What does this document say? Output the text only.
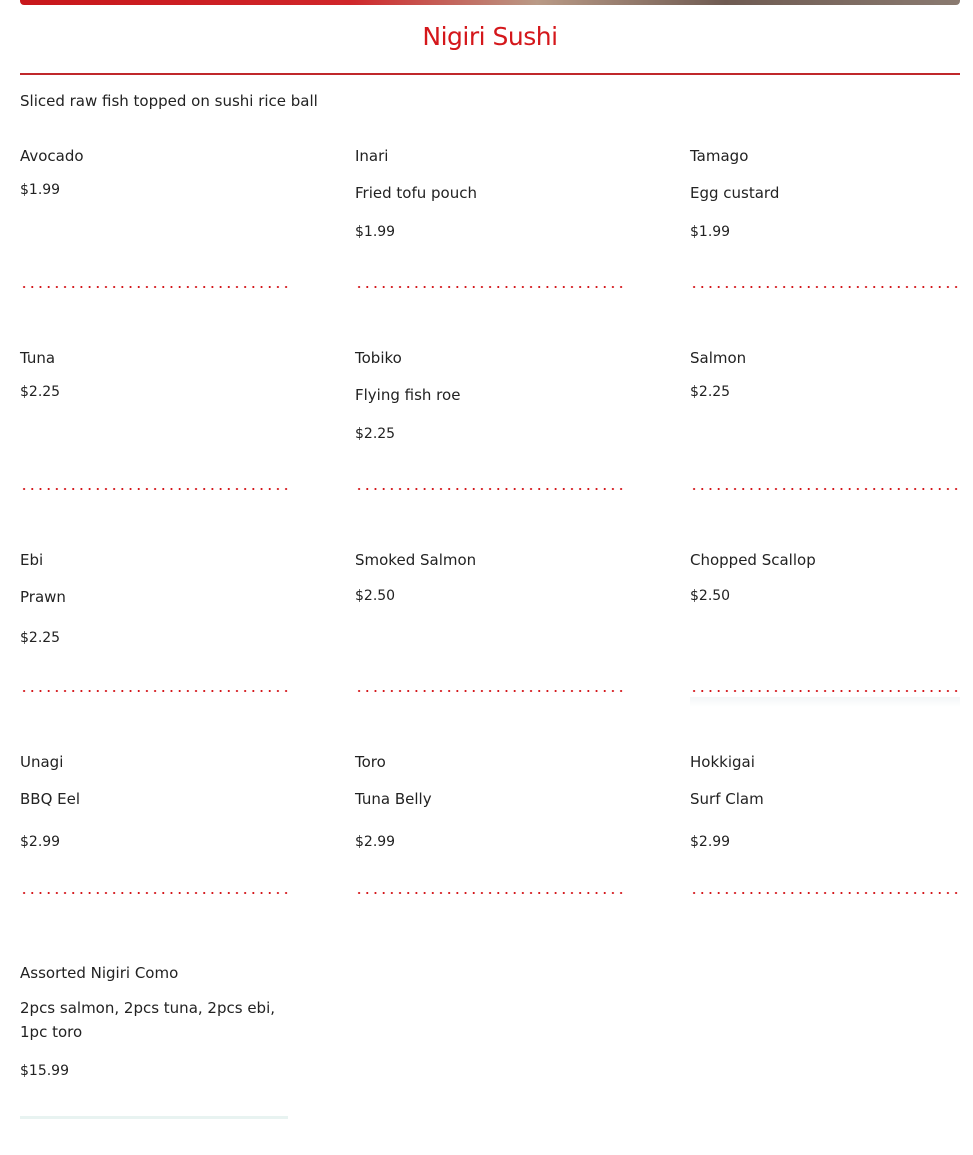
Nigiri Sushi

Sliced raw fish topped on sushi rice ball

Avocado
$1.99
Inari
Fried tofu pouch
$1.99
Tamago
Egg custard
$1.99
Tuna
$2.25
Tobiko
Flying fish roe
$2.25
Salmon
$2.25
Ebi
Prawn
$2.25
Smoked Salmon
$2.50
Chopped Scallop
$2.50
Unagi
BBQ Eel
$2.99
Toro
Tuna Belly
$2.99
Hokkigai
Surf Clam
$2.99
Assorted Nigiri Como
2pcs salmon, 2pcs tuna, 2pcs ebi, 1pc toro
$15.99
